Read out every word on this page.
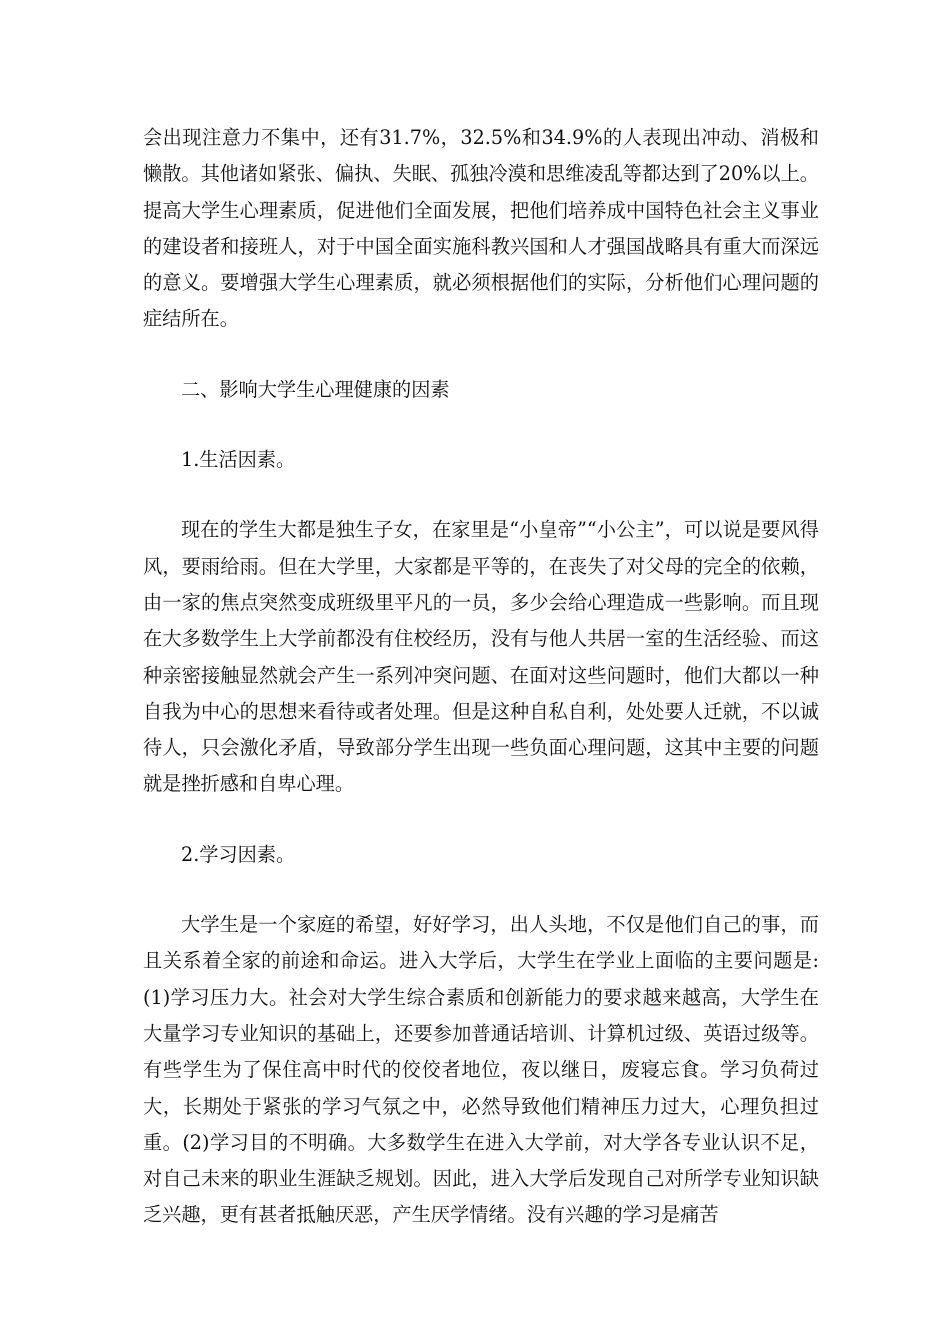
会出现注意力不集中，还有31.7%，32.5%和34.9%的人表现出冲动、消极和懒散。其他诸如紧张、偏执、失眠、孤独冷漠和思维凌乱等都达到了20%以上。提高大学生心理素质，促进他们全面发展，把他们培养成中国特色社会主义事业的建设者和接班人，对于中国全面实施科教兴国和人才强国战略具有重大而深远的意义。要增强大学生心理素质，就必须根据他们的实际，分析他们心理问题的症结所在。

二、影响大学生心理健康的因素

1.生活因素。

现在的学生大都是独生子女，在家里是“小皇帝”“小公主”，可以说是要风得风，要雨给雨。但在大学里，大家都是平等的，在丧失了对父母的完全的依赖，由一家的焦点突然变成班级里平凡的一员，多少会给心理造成一些影响。而且现在大多数学生上大学前都没有住校经历，没有与他人共居一室的生活经验、而这种亲密接触显然就会产生一系列冲突问题、在面对这些问题时，他们大都以一种自我为中心的思想来看待或者处理。但是这种自私自利，处处要人迁就，不以诚待人，只会激化矛盾，导致部分学生出现一些负面心理问题，这其中主要的问题就是挫折感和自卑心理。

2.学习因素。

大学生是一个家庭的希望，好好学习，出人头地，不仅是他们自己的事，而且关系着全家的前途和命运。进入大学后，大学生在学业上面临的主要问题是:(1)学习压力大。社会对大学生综合素质和创新能力的要求越来越高，大学生在大量学习专业知识的基础上，还要参加普通话培训、计算机过级、英语过级等。有些学生为了保住高中时代的佼佼者地位，夜以继日，废寝忘食。学习负荷过大，长期处于紧张的学习气氛之中，必然导致他们精神压力过大，心理负担过重。(2)学习目的不明确。大多数学生在进入大学前，对大学各专业认识不足，对自己未来的职业生涯缺乏规划。因此，进入大学后发现自己对所学专业知识缺乏兴趣，更有甚者抵触厌恶，产生厌学情绪。没有兴趣的学习是痛苦
